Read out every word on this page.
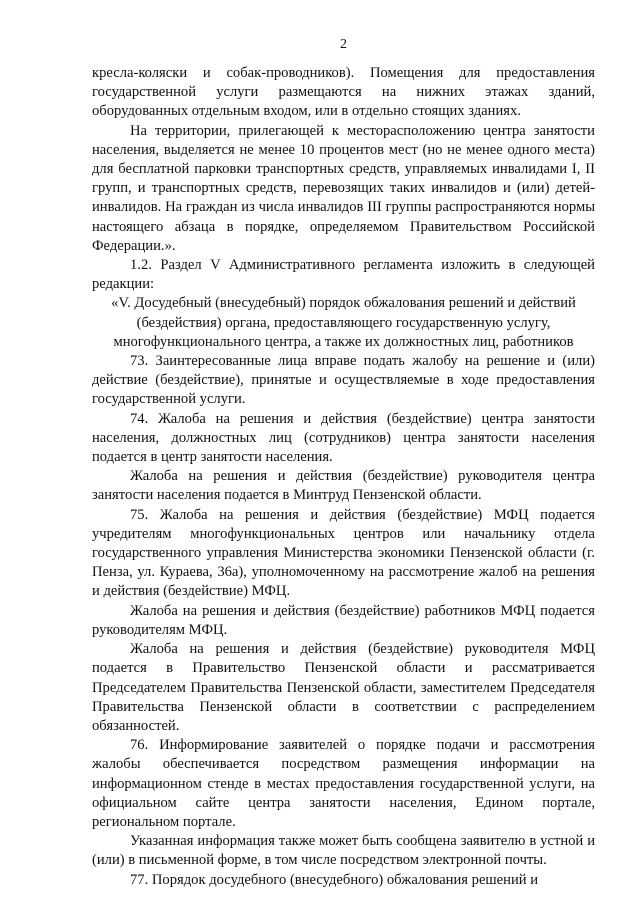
2

кресла-коляски и собак-проводников). Помещения для предоставления государственной услуги размещаются на нижних этажах зданий, оборудованных отдельным входом, или в отдельно стоящих зданиях.

На территории, прилегающей к месторасположению центра занятости населения, выделяется не менее 10 процентов мест (но не менее одного места) для бесплатной парковки транспортных средств, управляемых инвалидами I, II групп, и транспортных средств, перевозящих таких инвалидов и (или) детей-инвалидов. На граждан из числа инвалидов III группы распространяются нормы настоящего абзаца в порядке, определяемом Правительством Российской Федерации.».

1.2. Раздел V Административного регламента изложить в следующей редакции:

«V. Досудебный (внесудебный) порядок обжалования решений и действий (бездействия) органа, предоставляющего государственную услугу, многофункционального центра, а также их должностных лиц, работников

73. Заинтересованные лица вправе подать жалобу на решение и (или) действие (бездействие), принятые и осуществляемые в ходе предоставления государственной услуги.

74. Жалоба на решения и действия (бездействие) центра занятости населения, должностных лиц (сотрудников) центра занятости населения подается в центр занятости населения.

Жалоба на решения и действия (бездействие) руководителя центра занятости населения подается в Минтруд Пензенской области.

75. Жалоба на решения и действия (бездействие) МФЦ подается учредителям многофункциональных центров или начальнику отдела государственного управления Министерства экономики Пензенской области (г. Пенза, ул. Кураева, 36а), уполномоченному на рассмотрение жалоб на решения и действия (бездействие) МФЦ.

Жалоба на решения и действия (бездействие) работников МФЦ подается руководителям МФЦ.

Жалоба на решения и действия (бездействие) руководителя МФЦ подается в Правительство Пензенской области и рассматривается Председателем Правительства Пензенской области, заместителем Председателя Правительства Пензенской области в соответствии с распределением обязанностей.

76. Информирование заявителей о порядке подачи и рассмотрения жалобы обеспечивается посредством размещения информации на информационном стенде в местах предоставления государственной услуги, на официальном сайте центра занятости населения, Едином портале, региональном портале.

Указанная информация также может быть сообщена заявителю в устной и (или) в письменной форме, в том числе посредством электронной почты.

77. Порядок досудебного (внесудебного) обжалования решений и
